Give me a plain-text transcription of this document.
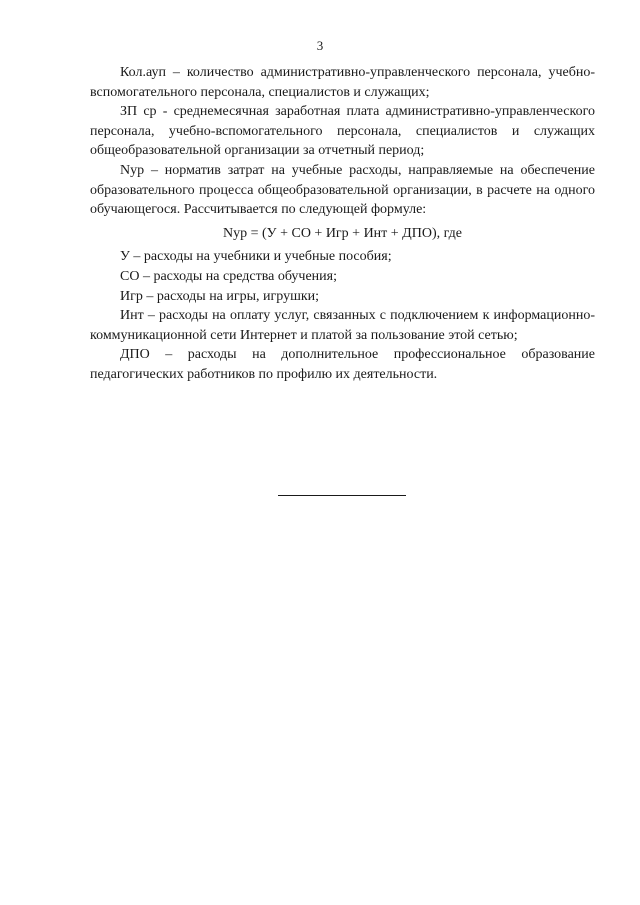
3

Кол.ауп – количество административно-управленческого персонала, учебно-вспомогательного персонала, специалистов и служащих;

ЗП ср - среднемесячная заработная плата административно-управленческого персонала, учебно-вспомогательного персонала, специалистов и служащих общеобразовательной организации за отчетный период;

Nур – норматив затрат на учебные расходы, направляемые на обеспечение образовательного процесса общеобразовательной организации, в расчете на одного обучающегося. Рассчитывается по следующей формуле:

Nур = (У + СО + Игр + Инт + ДПО), где

У – расходы на учебники и учебные пособия;

СО – расходы на средства обучения;

Игр – расходы на игры, игрушки;

Инт – расходы на оплату услуг, связанных с подключением к информационно-коммуникационной сети Интернет и платой за пользование этой сетью;

ДПО – расходы на дополнительное профессиональное образование педагогических работников по профилю их деятельности.
